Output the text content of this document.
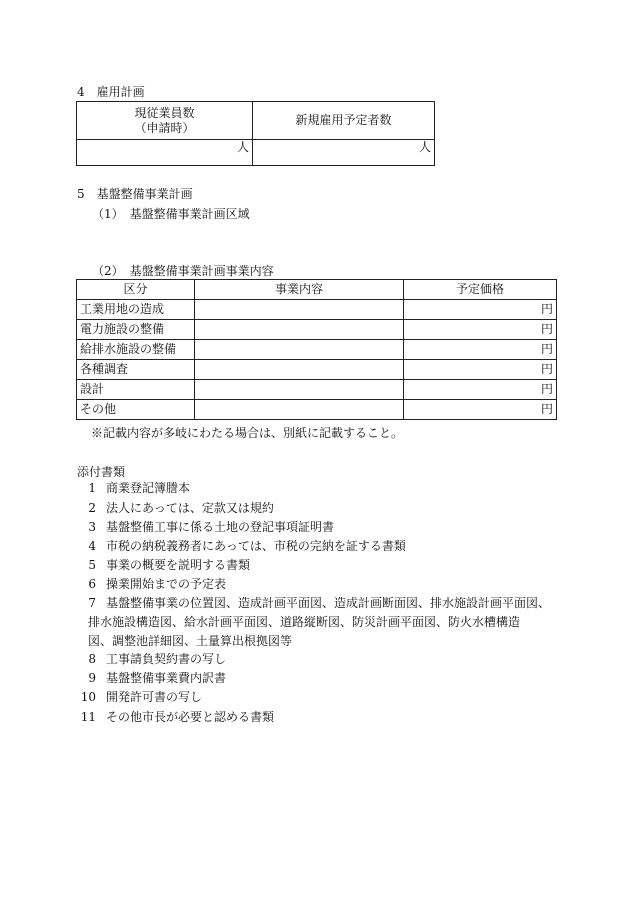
4　雇用計画
現従業員数
（申請時）	新規雇用予定者数
人	人
5　基盤整備事業計画
（1）　基盤整備事業計画区域
（2）　基盤整備事業計画事業内容
区分	事業内容	予定価格
工業用地の造成		円
電力施設の整備		円
給排水施設の整備		円
各種調査		円
設計		円
その他		円
※記載内容が多岐にわたる場合は、別紙に記載すること。
添付書類
1 商業登記簿謄本
2 法人にあっては、定款又は規約
3 基盤整備工事に係る土地の登記事項証明書
4 市税の納税義務者にあっては、市税の完納を証する書類
5 事業の概要を説明する書類
6 操業開始までの予定表
7 基盤整備事業の位置図、造成計画平面図、造成計画断面図、排水施設計画平面図、
排水施設構造図、給水計画平面図、道路縦断図、防災計画平面図、防火水槽構造
図、調整池詳細図、土量算出根拠図等
8 工事請負契約書の写し
9 基盤整備事業費内訳書
10 開発許可書の写し
11 その他市長が必要と認める書類
